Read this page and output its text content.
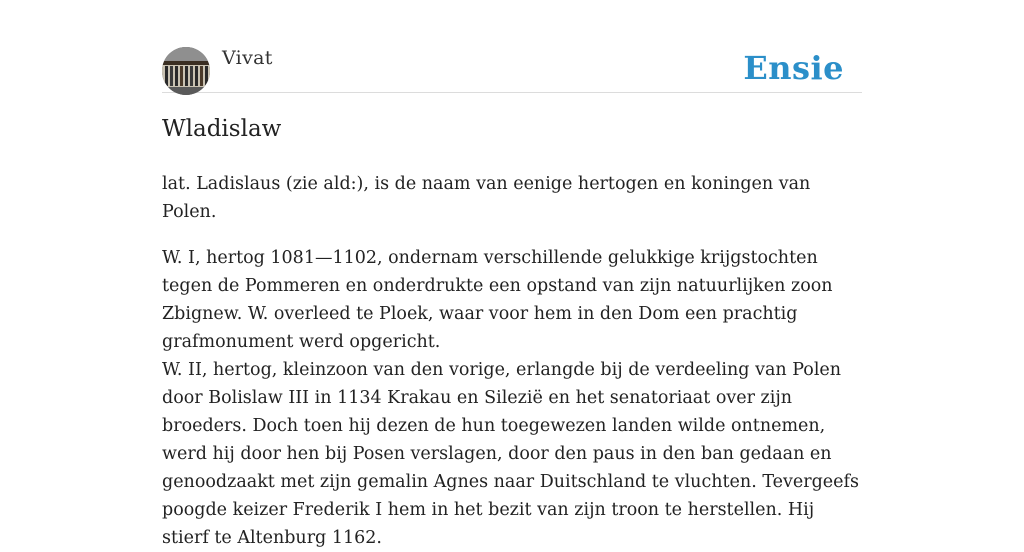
Vivat	Ensie
Wladislaw

lat. Ladislaus (zie ald:), is de naam van eenige hertogen en koningen van Polen.

W. I, hertog 1081—1102, ondernam verschillende gelukkige krijgstochten tegen de Pommeren en onderdrukte een opstand van zijn natuurlijken zoon Zbignew. W. overleed te Ploek, waar voor hem in den Dom een prachtig grafmonument werd opgericht.

W. II, hertog, kleinzoon van den vorige, erlangde bij de verdeeling van Polen door Bolislaw III in 1134 Krakau en Silezië en het senatoriaat over zijn broeders. Doch toen hij dezen de hun toegewezen landen wilde ontnemen, werd hij door hen bij Posen verslagen, door den paus in den ban gedaan en genoodzaakt met zijn gemalin Agnes naar Duitschland te vluchten. Tevergeefs poogde keizer Frederik I hem in het bezit van zijn troon te herstellen. Hij stierf te Altenburg 1162.
